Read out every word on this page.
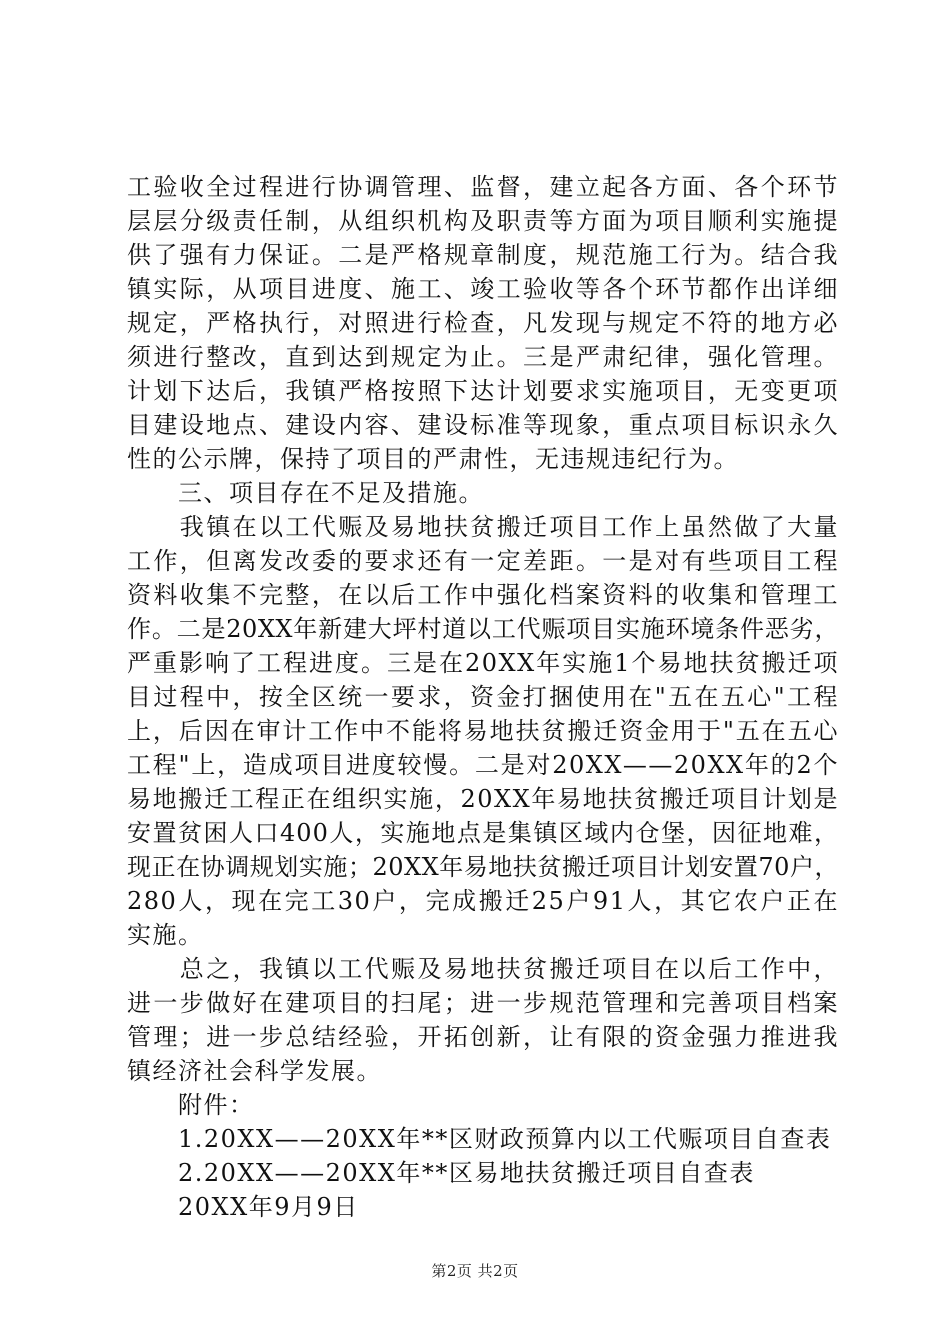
工验收全过程进行协调管理、监督，建立起各方面、各个环节
层层分级责任制，从组织机构及职责等方面为项目顺利实施提
供了强有力保证。二是严格规章制度，规范施工行为。结合我
镇实际，从项目进度、施工、竣工验收等各个环节都作出详细
规定，严格执行，对照进行检查，凡发现与规定不符的地方必
须进行整改，直到达到规定为止。三是严肃纪律，强化管理。
计划下达后，我镇严格按照下达计划要求实施项目，无变更项
目建设地点、建设内容、建设标准等现象，重点项目标识永久
性的公示牌，保持了项目的严肃性，无违规违纪行为。
　　三、项目存在不足及措施。
　　我镇在以工代赈及易地扶贫搬迁项目工作上虽然做了大量
工作，但离发改委的要求还有一定差距。一是对有些项目工程
资料收集不完整，在以后工作中强化档案资料的收集和管理工
作。二是20XX年新建大坪村道以工代赈项目实施环境条件恶劣，
严重影响了工程进度。三是在20XX年实施1个易地扶贫搬迁项
目过程中，按全区统一要求，资金打捆使用在"五在五心"工程
上，后因在审计工作中不能将易地扶贫搬迁资金用于"五在五心
工程"上，造成项目进度较慢。二是对20XX——20XX年的2个
易地搬迁工程正在组织实施，20XX年易地扶贫搬迁项目计划是
安置贫困人口400人，实施地点是集镇区域内仓堡，因征地难，
现正在协调规划实施；20XX年易地扶贫搬迁项目计划安置70户，
280人，现在完工30户，完成搬迁25户91人，其它农户正在
实施。
　　总之，我镇以工代赈及易地扶贫搬迁项目在以后工作中，
进一步做好在建项目的扫尾；进一步规范管理和完善项目档案
管理；进一步总结经验，开拓创新，让有限的资金强力推进我
镇经济社会科学发展。
　　附件：
　　1.20XX——20XX年**区财政预算内以工代赈项目自查表
　　2.20XX——20XX年**区易地扶贫搬迁项目自查表
　　20XX年9月9日
第2页 共2页
